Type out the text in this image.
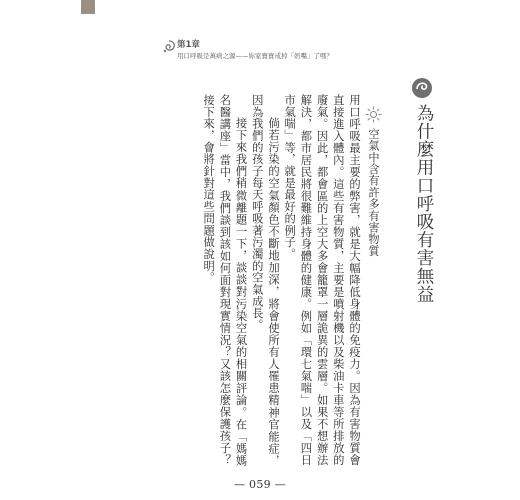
第1章
用口呼吸是萬病之源——妳家寶寶戒掉「奶嘴」了嗎？
為什麼用口呼吸有害無益
空氣中含有許多有害物質

用口呼吸最主要的弊害，就是大幅降低身體的免疫力。因為有害物質會直接進入體內。這些有害物質，主要是噴射機以及柴油卡車等所排放的廢氣。因此，都會區的上空大多會籠罩一層詭異的雲層。如果不想辦法解決，都市居民將很難維持身體的健康。例如「環七氣喘」以及「四日市氣喘」等，就是最好的例子。

倘若污染的空氣顏色不斷地加深，將會使所有人罹患精神官能症，因為我們的孩子每天呼吸著污濁的空氣成長。

接下來我們稍微離題一下，談談對污染空氣的相關評論。在「媽媽名醫講座」當中，我們談到該如何面對現實情況？又該怎麼保護孩子？接下來，會將針對這些問題做說明。

— 059 —
